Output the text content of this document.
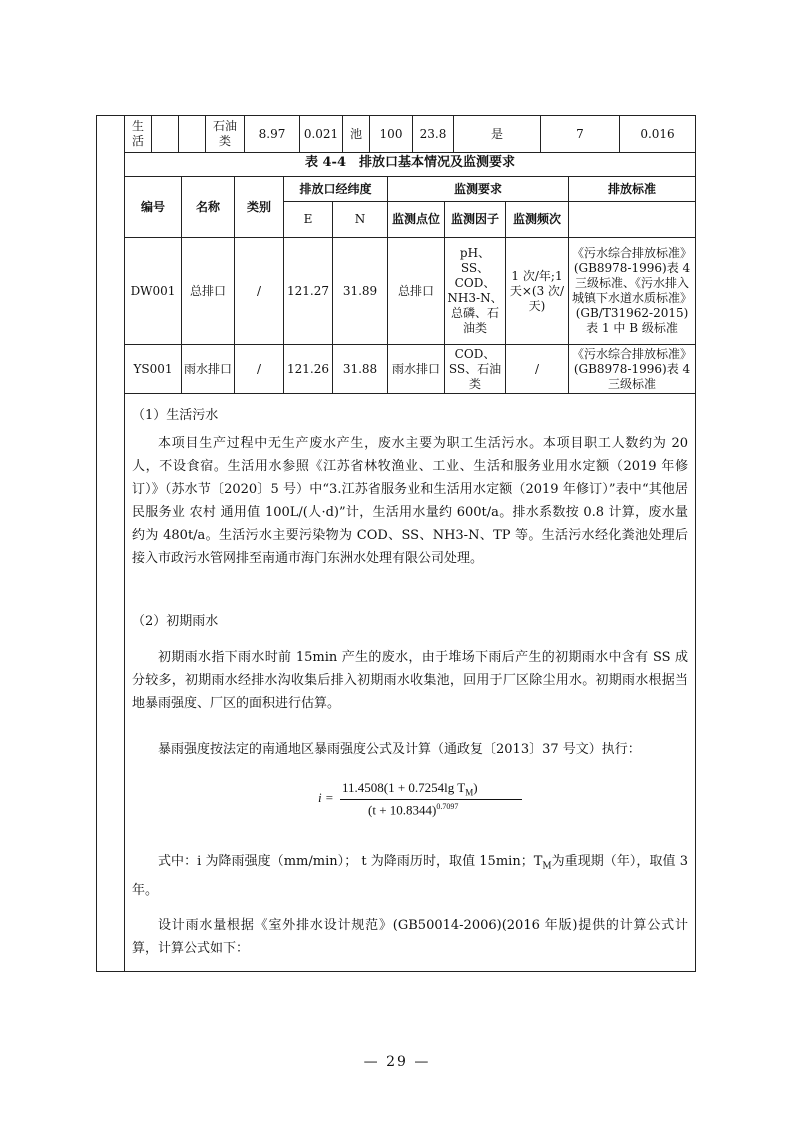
生活			石油类	8.97	0.021	池	100	23.8	是	7	0.016
表 4-4　排放口基本情况及监测要求
编号	名称	类别	排放口经纬度		监测要求			排放标准
			E	N	监测点位	监测因子	监测频次	
DW001	总排口	/	121.27	31.89	总排口	pH、SS、COD、NH3-N、总磷、石油类	1 次/年;1 天×(3 次/天)	《污水综合排放标准》(GB8978-1996)表 4 三级标准、《污水排入城镇下水道水质标准》(GB/T31962-2015)表 1 中 B 级标准
YS001	雨水排口	/	121.26	31.88	雨水排口	COD、SS、石油类	/	《污水综合排放标准》(GB8978-1996)表 4 三级标准
（1）生活污水
本项目生产过程中无生产废水产生，废水主要为职工生活污水。本项目职工人数约为 20 人，不设食宿。生活用水参照《江苏省林牧渔业、工业、生活和服务业用水定额（2019 年修订）》（苏水节〔2020〕5 号）中“3.江苏省服务业和生活用水定额（2019 年修订）”表中“其他居民服务业 农村 通用值 100L/(人·d)”计，生活用水量约 600t/a。排水系数按 0.8 计算，废水量约为 480t/a。生活污水主要污染物为 COD、SS、NH3-N、TP 等。生活污水经化粪池处理后接入市政污水管网排至南通市海门东洲水处理有限公司处理。
（2）初期雨水
初期雨水指下雨水时前 15min 产生的废水，由于堆场下雨后产生的初期雨水中含有 SS 成分较多，初期雨水经排水沟收集后排入初期雨水收集池，回用于厂区除尘用水。初期雨水根据当地暴雨强度、厂区的面积进行估算。
暴雨强度按法定的南通地区暴雨强度公式及计算（通政复〔2013〕37 号文）执行：
i =
11.4508(1 + 0.7254lg $T_M$)
$(t + 10.8344)^{0.7097}$
式中：i 为降雨强度（mm/min）； t 为降雨历时，取值 15min；$T_M$为重现期（年），取值 3 年。
设计雨水量根据《室外排水设计规范》(GB50014-2006)(2016 年版)提供的计算公式计算，计算公式如下：
— 29 —
